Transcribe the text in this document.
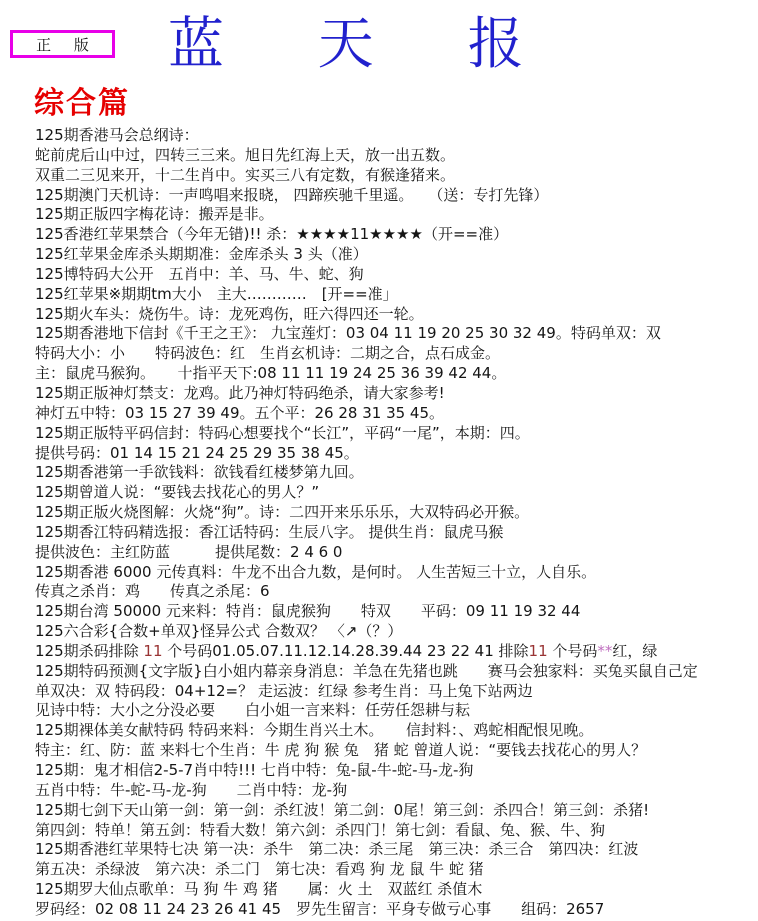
正 版 蓝 天 报
综合篇
125期香港马会总纲诗：
蛇前虎后山中过，四转三三来。旭日先红海上天，放一出五数。
双重二三见来开，十二生肖中。实买三八有定数，有猴逢猪来。
125期澳门天机诗：一声鸣唱来报晓， 四蹄疾驰千里遥。　　（送：专打先锋）
125期正版四字梅花诗：搬弄是非。
125香港红苹果禁合（今年无错)!! 杀：★★★★11★★★★（开==准）
125红苹果金库杀头期期准：金库杀头 3 头（准）
125博特码大公开　五肖中：羊、马、牛、蛇、狗
125红苹果※期期tm大小　主大…………　[开==准」
125期火车头：烧伤牛。诗：龙死鸡伤，旺六得四还一轮。
125期香港地下信封《千王之王》： 九宝莲灯：03 04 11 19 20 25 30 32 49。特码单双：双
特码大小：小　　特码波色：红　生肖玄机诗：二期之合，点石成金。
主：鼠虎马猴狗。　　十指平天下:08 11 11 19 24 25 36 39 42 44。
125期正版神灯禁支：龙鸡。此乃神灯特码绝杀，请大家参考!
神灯五中特：03 15 27 39 49。五个平：26 28 31 35 45。
125期正版特平码信封：特码心想要找个“长江”，平码“一尾”，本期：四。
提供号码：01 14 15 21 24 25 29 35 38 45。
125期香港第一手欲钱料：欲钱看红楼梦第九回。
125期曾道人说：“要钱去找花心的男人？”
125期正版火烧图解：火烧“狗”。诗：二四开来乐乐乐，大双特码必开猴。
125期香江特码精选报：香江话特码：生辰八字。 提供生肖：鼠虎马猴
提供波色：主红防蓝　　　提供尾数：2 4 6 0
125期香港 6000 元传真料：牛龙不出合九数，是何时。 人生苦短三十立，人自乐。
传真之杀肖：鸡　　传真之杀尾：6
125期台湾 50000 元来料：特肖：鼠虎猴狗　　特双　　平码：09 11 19 32 44
125六合彩{合数+单双}怪异公式 合数双？ 〈↗（？）
125期杀码排除 11 个号码01.05.07.11.12.14.28.39.44 23 22 41 排除11 个号码**红，绿
125期特码预测{文字版}白小姐内幕亲身消息：羊急在先猪也跳　　赛马会独家料：买兔买鼠自己定
单双决：双 特码段：04+12=？ 走运波：红绿 参考生肖：马上兔下站两边
见诗中特：大小之分没必要　　白小姐一言来料：任劳任怨耕与耘
125期裸体美女献特码 特码来料：今期生肖兴土木。　　信封料：、鸡蛇相配恨见晚。
特主：红、防：蓝 来料七个生肖：牛 虎 狗 猴 兔　猪 蛇 曾道人说：“要钱去找花心的男人？
125期：鬼才相信2-5-7肖中特!!! 七肖中特：兔-鼠-牛-蛇-马-龙-狗
五肖中特：牛-蛇-马-龙-狗　　二肖中特：龙-狗
125期七剑下天山第一剑：第一剑：杀红波！第二剑：0尾！第三剑：杀四合！第三剑：杀猪!
第四剑：特单！第五剑：特看大数！第六剑：杀四门！第七剑：看鼠、兔、猴、牛、狗
125期香港红苹果特七决 第一决：杀牛　第二决：杀三尾　第三决：杀三合　第四决：红波
第五决：杀绿波　第六决：杀二门　第七决：看鸡 狗 龙 鼠 牛 蛇 猪
125期罗大仙点歌单：马 狗 牛 鸡 猪　　属：火 土　双蓝红 杀值木
罗码经：02 08 11 24 23 26 41 45　罗先生留言：平身专做亏心事　　组码：2657
